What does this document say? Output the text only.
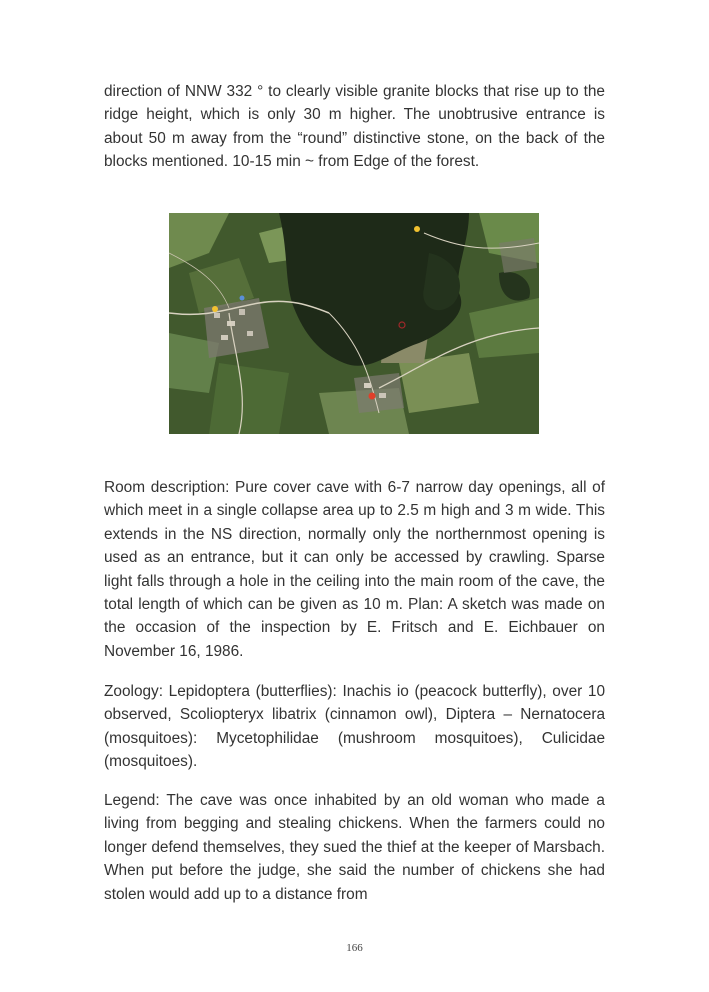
direction of NNW 332 ° to clearly visible granite blocks that rise up to the ridge height, which is only 30 m higher. The unobtrusive entrance is about 50 m away from the “round” distinctive stone, on the back of the blocks mentioned. 10-15 min ~ from Edge of the forest.

Room description: Pure cover cave with 6-7 narrow day openings, all of which meet in a single collapse area up to 2.5 m high and 3 m wide. This extends in the NS direction, normally only the northernmost opening is used as an entrance, but it can only be accessed by crawling. Sparse light falls through a hole in the ceiling into the main room of the cave, the total length of which can be given as 10 m. Plan: A sketch was made on the occasion of the inspection by E. Fritsch and E. Eichbauer on November 16, 1986.

Zoology: Lepidoptera (butterflies): Inachis io (peacock butterfly), over 10 observed, Scoliopteryx libatrix (cinnamon owl), Diptera – Nernatocera (mosquitoes): Mycetophilidae (mushroom mosquitoes), Culicidae (mosquitoes).

Legend: The cave was once inhabited by an old woman who made a living from begging and stealing chickens. When the farmers could no longer defend themselves, they sued the thief at the keeper of Marsbach. When put before the judge, she said the number of chickens she had stolen would add up to a distance from

166
